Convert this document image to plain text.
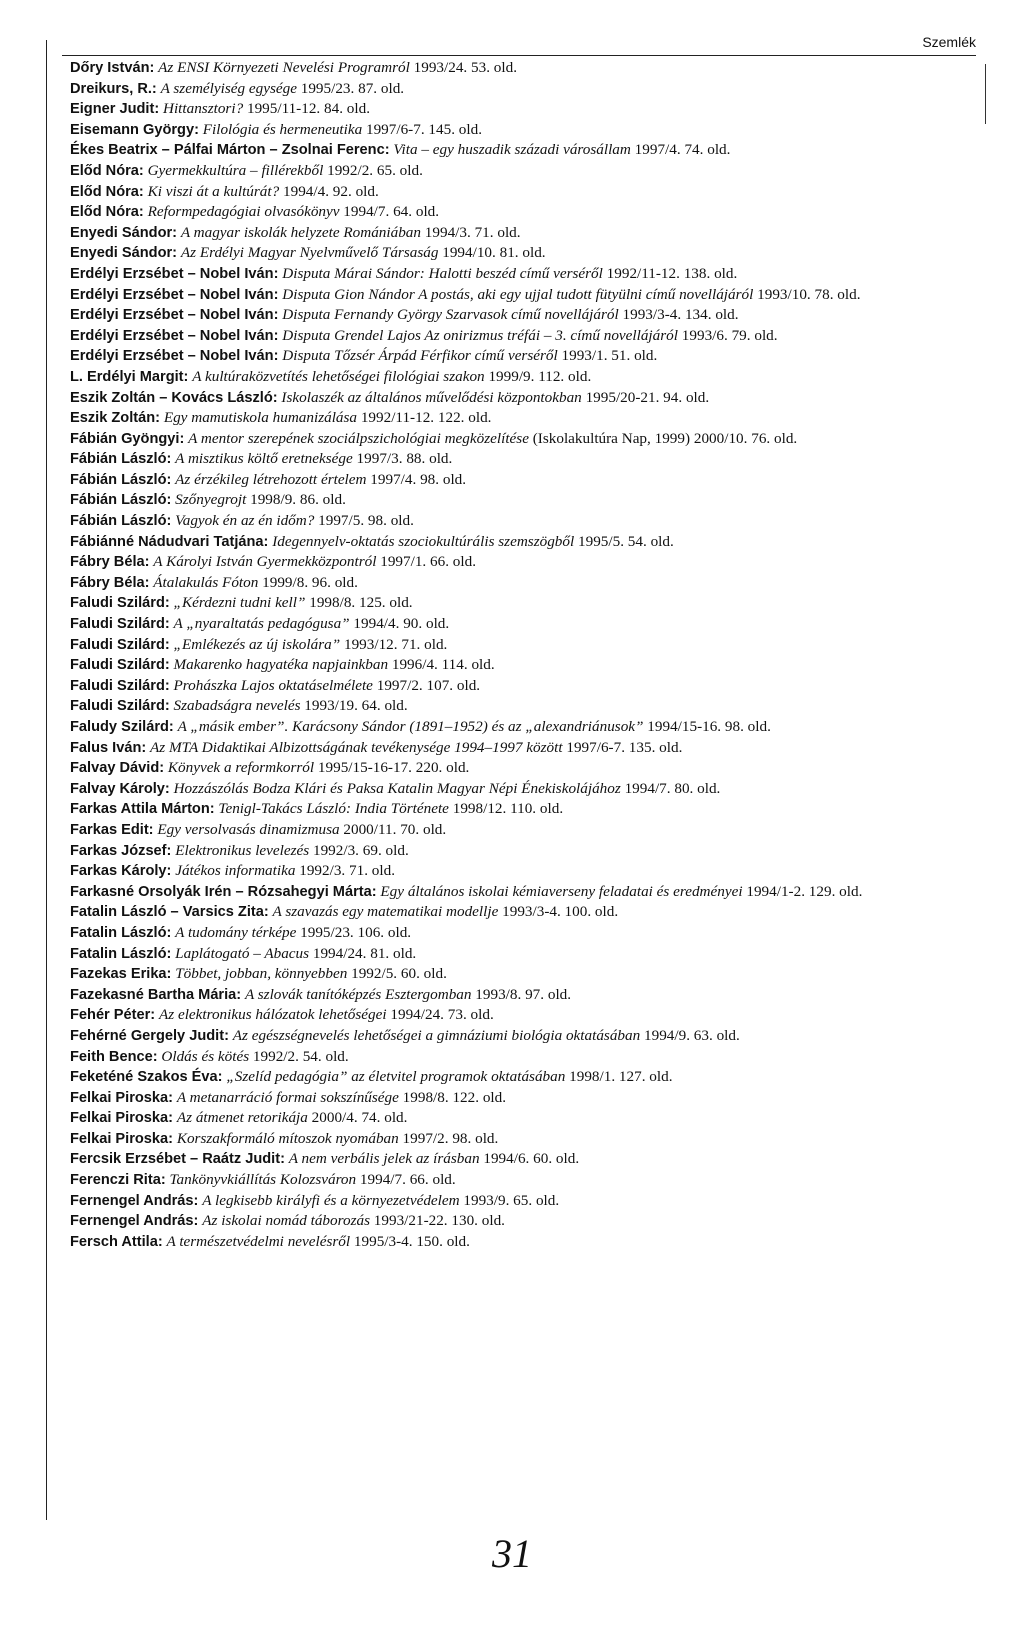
Szemlék
Dőry István: Az ENSI Környezeti Nevelési Programról 1993/24. 53. old.
Dreikurs, R.: A személyiség egysége 1995/23. 87. old.
Eigner Judit: Hittansztori? 1995/11-12. 84. old.
Eisemann György: Filológia és hermeneutika 1997/6-7. 145. old.
Ékes Beatrix – Pálfai Márton – Zsolnai Ferenc: Vita – egy huszadik századi városállam 1997/4. 74. old.
Előd Nóra: Gyermekkultúra – fillérekből 1992/2. 65. old.
Előd Nóra: Ki viszi át a kultúrát? 1994/4. 92. old.
Előd Nóra: Reformpedagógiai olvasókönyv 1994/7. 64. old.
Enyedi Sándor: A magyar iskolák helyzete Romániában 1994/3. 71. old.
Enyedi Sándor: Az Erdélyi Magyar Nyelvművelő Társaság 1994/10. 81. old.
Erdélyi Erzsébet – Nobel Iván: Disputa Márai Sándor: Halotti beszéd című verséről 1992/11-12. 138. old.
Erdélyi Erzsébet – Nobel Iván: Disputa Gion Nándor A postás, aki egy ujjal tudott fütyülni című novellájáról 1993/10. 78. old.
Erdélyi Erzsébet – Nobel Iván: Disputa Fernandy György Szarvasok című novellájáról 1993/3-4. 134. old.
Erdélyi Erzsébet – Nobel Iván: Disputa Grendel Lajos Az onirizmus tréfái – 3. című novellájáról 1993/6. 79. old.
Erdélyi Erzsébet – Nobel Iván: Disputa Tőzsér Árpád Férfikor című verséről 1993/1. 51. old.
L. Erdélyi Margit: A kultúraközvetítés lehetőségei filológiai szakon 1999/9. 112. old.
Eszik Zoltán – Kovács László: Iskolaszék az általános művelődési központokban 1995/20-21. 94. old.
Eszik Zoltán: Egy mamutiskola humanizálása 1992/11-12. 122. old.
Fábián Gyöngyi: A mentor szerepének szociálpszichológiai megközelítése (Iskolakultúra Nap, 1999) 2000/10. 76. old.
Fábián László: A misztikus költő eretneksége 1997/3. 88. old.
Fábián László: Az érzékileg létrehozott értelem 1997/4. 98. old.
Fábián László: Szőnyegrojt 1998/9. 86. old.
Fábián László: Vagyok én az én időm? 1997/5. 98. old.
Fábiánné Nádudvari Tatjána: Idegennyelv-oktatás szociokultúrális szemszögből 1995/5. 54. old.
Fábry Béla: A Károlyi István Gyermekközpontról 1997/1. 66. old.
Fábry Béla: Átalakulás Fóton 1999/8. 96. old.
Faludi Szilárd: „Kérdezni tudni kell” 1998/8. 125. old.
Faludi Szilárd: A „nyaraltatás pedagógusa” 1994/4. 90. old.
Faludi Szilárd: „Emlékezés az új iskolára” 1993/12. 71. old.
Faludi Szilárd: Makarenko hagyatéka napjainkban 1996/4. 114. old.
Faludi Szilárd: Prohászka Lajos oktatáselmélete 1997/2. 107. old.
Faludi Szilárd: Szabadságra nevelés 1993/19. 64. old.
Faludy Szilárd: A „másik ember”. Karácsony Sándor (1891–1952) és az „alexandriánusok” 1994/15-16. 98. old.
Falus Iván: Az MTA Didaktikai Albizottságának tevékenysége 1994–1997 között 1997/6-7. 135. old.
Falvay Dávid: Könyvek a reformkorról 1995/15-16-17. 220. old.
Falvay Károly: Hozzászólás Bodza Klári és Paksa Katalin Magyar Népi Énekiskolájához 1994/7. 80. old.
Farkas Attila Márton: Tenigl-Takács László: India Története 1998/12. 110. old.
Farkas Edit: Egy versolvasás dinamizmusa 2000/11. 70. old.
Farkas József: Elektronikus levelezés 1992/3. 69. old.
Farkas Károly: Játékos informatika 1992/3. 71. old.
Farkasné Orsolyák Irén – Rózsahegyi Márta: Egy általános iskolai kémiaverseny feladatai és eredményei 1994/1-2. 129. old.
Fatalin László – Varsics Zita: A szavazás egy matematikai modellje 1993/3-4. 100. old.
Fatalin László: A tudomány térképe 1995/23. 106. old.
Fatalin László: Laplátogató – Abacus 1994/24. 81. old.
Fazekas Erika: Többet, jobban, könnyebben 1992/5. 60. old.
Fazekasné Bartha Mária: A szlovák tanítóképzés Esztergomban 1993/8. 97. old.
Fehér Péter: Az elektronikus hálózatok lehetőségei 1994/24. 73. old.
Fehérné Gergely Judit: Az egészségnevelés lehetőségei a gimnáziumi biológia oktatásában 1994/9. 63. old.
Feith Bence: Oldás és kötés 1992/2. 54. old.
Feketéné Szakos Éva: „Szelíd pedagógia” az életvitel programok oktatásában 1998/1. 127. old.
Felkai Piroska: A metanarráció formai sokszínűsége 1998/8. 122. old.
Felkai Piroska: Az átmenet retorikája 2000/4. 74. old.
Felkai Piroska: Korszakformáló mítoszok nyomában 1997/2. 98. old.
Fercsik Erzsébet – Raátz Judit: A nem verbális jelek az írásban 1994/6. 60. old.
Ferenczi Rita: Tankönyvkiállítás Kolozsváron 1994/7. 66. old.
Fernengel András: A legkisebb királyfi és a környezetvédelem 1993/9. 65. old.
Fernengel András: Az iskolai nomád táborozás 1993/21-22. 130. old.
Fersch Attila: A természetvédelmi nevelésről 1995/3-4. 150. old.
31
